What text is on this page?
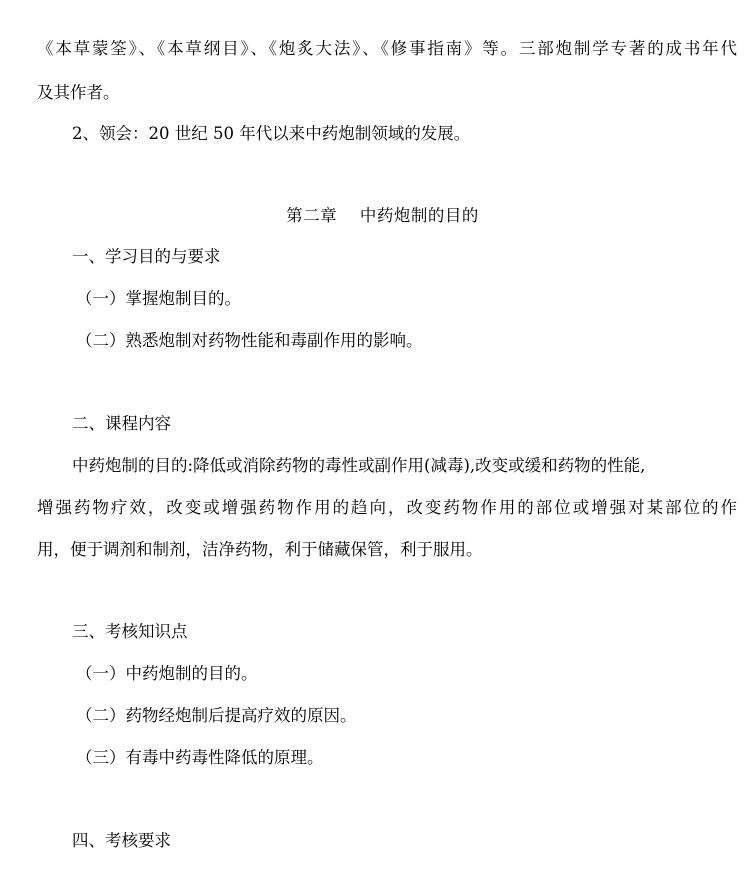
《本草蒙筌》、《本草纲目》、《炮炙大法》、《修事指南》等。三部炮制学专著的成书年代
及其作者。
2、领会：20 世纪 50 年代以来中药炮制领域的发展。
第二章　 中药炮制的目的
一、学习目的与要求
（一）掌握炮制目的。
（二）熟悉炮制对药物性能和毒副作用的影响。
二、课程内容
中药炮制的目的:降低或消除药物的毒性或副作用(减毒),改变或缓和药物的性能,
增强药物疗效，改变或增强药物作用的趋向，改变药物作用的部位或增强对某部位的作
用，便于调剂和制剂，洁净药物，利于储藏保管，利于服用。
三、考核知识点
（一）中药炮制的目的。
（二）药物经炮制后提高疗效的原因。
（三）有毒中药毒性降低的原理。
四、考核要求
